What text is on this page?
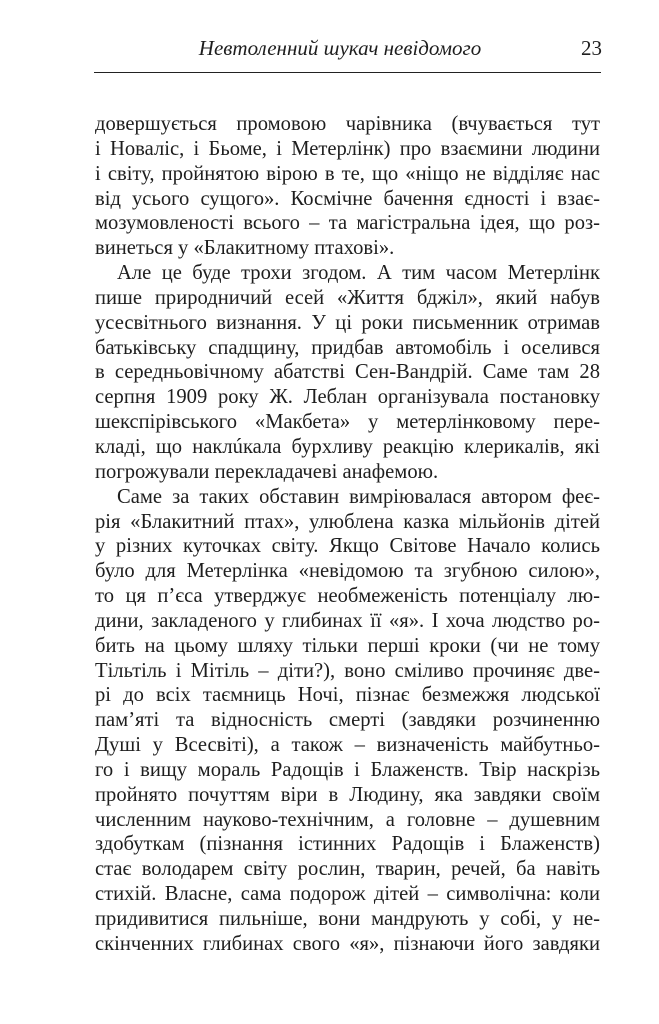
Невтоленний шукач невідомого	23
довершується промовою чарівника (вчувається тут
і Новаліс, і Бьоме, і Метерлінк) про взаємини людини
і світу, пройнятою вірою в те, що «ніщо не відділяє нас
від усього сущого». Космічне бачення єдності і взає-
мозумовленості всього – та магістральна ідея, що роз-
винеться у «Блакитному птахові».
Але це буде трохи згодом. А тим часом Метерлінк
пише природничий есей «Життя бджіл», який набув
усесвітнього визнання. У ці роки письменник отримав
батьківську спадщину, придбав автомобіль і оселився
в середньовічному абатстві Сен-Вандрій. Саме там 28
серпня 1909 року Ж. Леблан організувала постановку
шекспірівського «Макбета» у метерлінковому пере-
кладі, що наклúкала бурхливу реакцію клерикалів, які
погрожували перекладачеві анафемою.
Саме за таких обставин вимріювалася автором феє-
рія «Блакитний птах», улюблена казка мільйонів дітей
у різних куточках світу. Якщо Світове Начало колись
було для Метерлінка «невідомою та згубною силою»,
то ця п’єса утверджує необмеженість потенціалу лю-
дини, закладеного у глибинах її «я». І хоча людство ро-
бить на цьому шляху тільки перші кроки (чи не тому
Тільтіль і Мітіль – діти?), воно сміливо прочиняє две-
рі до всіх таємниць Ночі, пізнає безмежжя людської
пам’яті та відносність смерті (завдяки розчиненню
Душі у Всесвіті), а також – визначеність майбутньо-
го і вищу мораль Радощів і Блаженств. Твір наскрізь
пройнято почуттям віри в Людину, яка завдяки своїм
численним науково-технічним, а головне – душевним
здобуткам (пізнання істинних Радощів і Блаженств)
стає володарем світу рослин, тварин, речей, ба навіть
стихій. Власне, сама подорож дітей – символічна: коли
придивитися пильніше, вони мандрують у собі, у не-
скінченних глибинах свого «я», пізнаючи його завдяки
